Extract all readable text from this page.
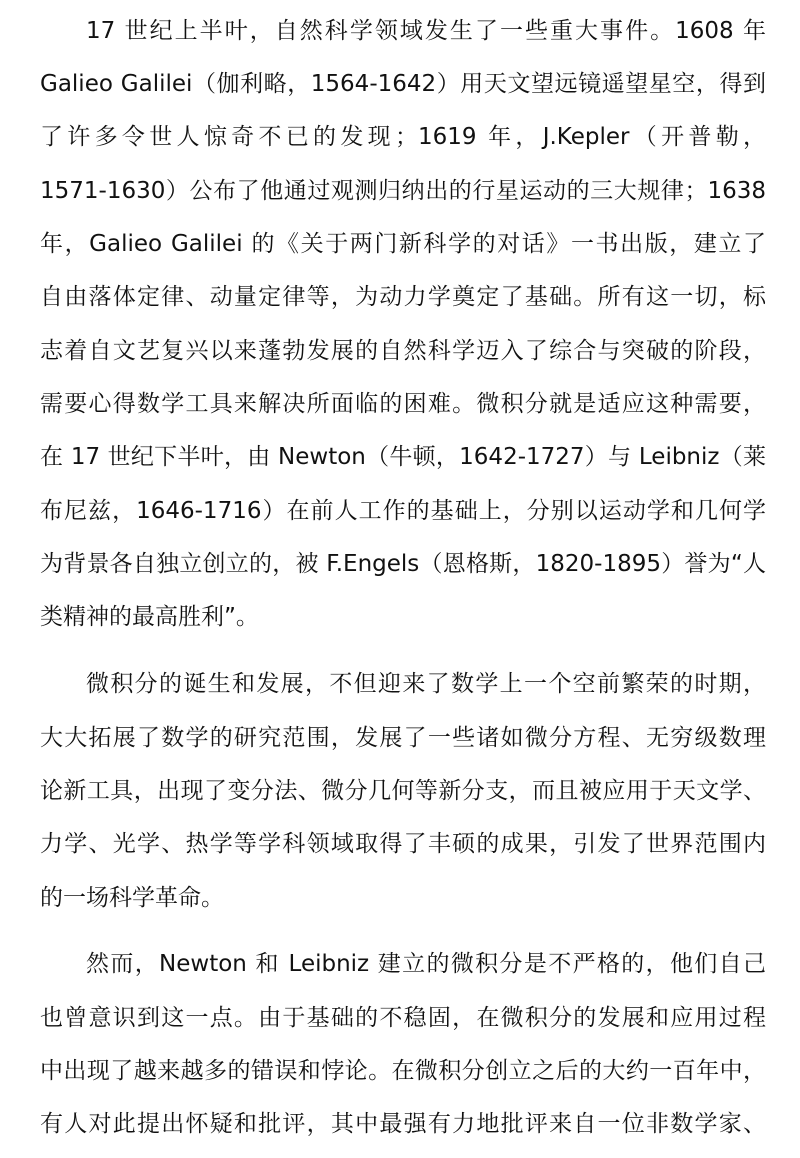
17 世纪上半叶，自然科学领域发生了一些重大事件。1608 年
Galieo Galilei（伽利略，1564-1642）用天文望远镜遥望星空，得到
了许多令世人惊奇不已的发现；1619 年，J.Kepler（开普勒，
1571-1630）公布了他通过观测归纳出的行星运动的三大规律；1638
年，Galieo Galilei 的《关于两门新科学的对话》一书出版，建立了
自由落体定律、动量定律等，为动力学奠定了基础。所有这一切，标
志着自文艺复兴以来蓬勃发展的自然科学迈入了综合与突破的阶段，
需要心得数学工具来解决所面临的困难。微积分就是适应这种需要，
在 17 世纪下半叶，由 Newton（牛顿，1642-1727）与 Leibniz（莱
布尼兹，1646-1716）在前人工作的基础上，分别以运动学和几何学
为背景各自独立创立的，被 F.Engels（恩格斯，1820-1895）誉为“人
类精神的最高胜利”。
微积分的诞生和发展，不但迎来了数学上一个空前繁荣的时期，
大大拓展了数学的研究范围，发展了一些诸如微分方程、无穷级数理
论新工具，出现了变分法、微分几何等新分支，而且被应用于天文学、
力学、光学、热学等学科领域取得了丰硕的成果，引发了世界范围内
的一场科学革命。
然而，Newton 和 Leibniz 建立的微积分是不严格的，他们自己
也曾意识到这一点。由于基础的不稳固，在微积分的发展和应用过程
中出现了越来越多的错误和悖论。在微积分创立之后的大约一百年中，
有人对此提出怀疑和批评，其中最强有力地批评来自一位非数学家、
